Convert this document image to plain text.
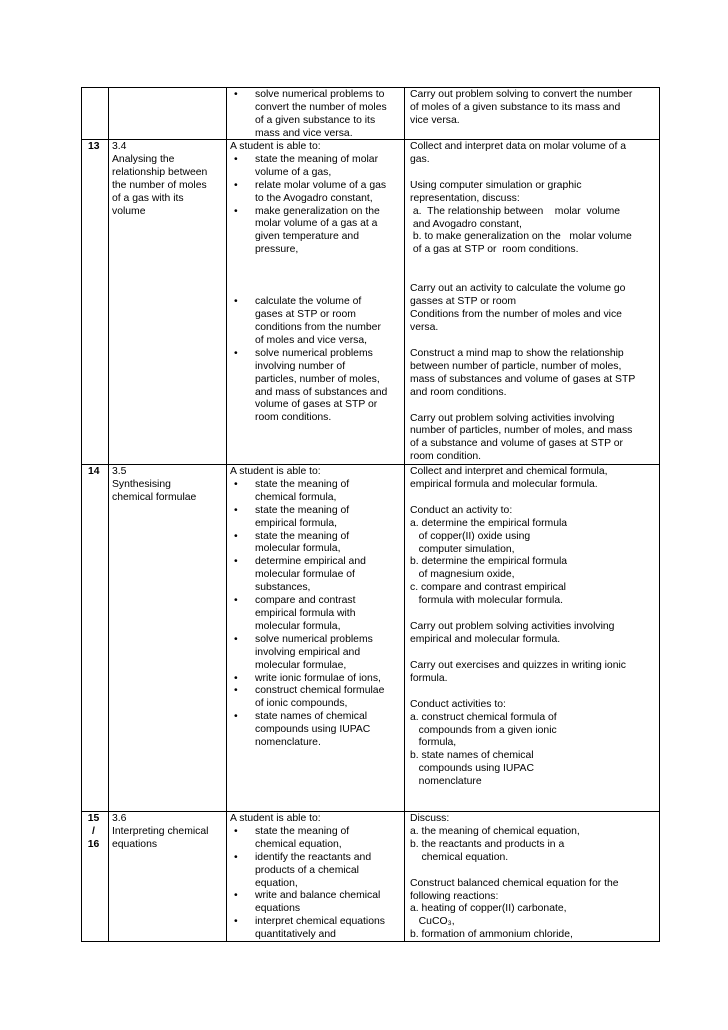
• solve numerical problems to
convert the number of moles
of a given substance to its
mass and vice versa.
Carry out problem solving to convert the number
of moles of a given substance to its mass and
vice versa.
13	3.4
Analysing the
relationship between
the number of moles
of a gas with its
volume
A student is able to:
• state the meaning of molar
volume of a gas,
• relate molar volume of a gas
to the Avogadro constant,
• make generalization on the
molar volume of a gas at a
given temperature and
pressure,
• calculate the volume of
gases at STP or room
conditions from the number
of moles and vice versa,
• solve numerical problems
involving number of
particles, number of moles,
and mass of substances and
volume of gases at STP or
room conditions.
Collect and interpret data on molar volume of a
gas.
Using computer simulation or graphic
representation, discuss:
a.  The relationship between    molar  volume
and Avogadro constant,
b. to make generalization on the   molar volume
of a gas at STP or  room conditions.
Carry out an activity to calculate the volume go
gasses at STP or room
Conditions from the number of moles and vice
versa.
Construct a mind map to show the relationship
between number of particle, number of moles,
mass of substances and volume of gases at STP
and room conditions.
Carry out problem solving activities involving
number of particles, number of moles, and mass
of a substance and volume of gases at STP or
room condition.
14	3.5
Synthesising
chemical formulae
A student is able to:
• state the meaning of
chemical formula,
• state the meaning of
empirical formula,
• state the meaning of
molecular formula,
• determine empirical and
molecular formulae of
substances,
• compare and contrast
empirical formula with
molecular formula,
• solve numerical problems
involving empirical and
molecular formulae,
• write ionic formulae of ions,
• construct chemical formulae
of ionic compounds,
• state names of chemical
compounds using IUPAC
nomenclature.
Collect and interpret and chemical formula,
empirical formula and molecular formula.
Conduct an activity to:
a. determine the empirical formula
of copper(II) oxide using
computer simulation,
b. determine the empirical formula
of magnesium oxide,
c. compare and contrast empirical
formula with molecular formula.
Carry out problem solving activities involving
empirical and molecular formula.
Carry out exercises and quizzes in writing ionic
formula.
Conduct activities to:
a. construct chemical formula of
compounds from a given ionic
formula,
b. state names of chemical
compounds using IUPAC
nomenclature
15
/
16
3.6
Interpreting chemical
equations
A student is able to:
• state the meaning of
chemical equation,
• identify the reactants and
products of a chemical
equation,
• write and balance chemical
equations
• interpret chemical equations
quantitatively and
Discuss:
a. the meaning of chemical equation,
b. the reactants and products in a
chemical equation.
Construct balanced chemical equation for the
following reactions:
a. heating of copper(II) carbonate,
CuCO₃,
b. formation of ammonium chloride,
